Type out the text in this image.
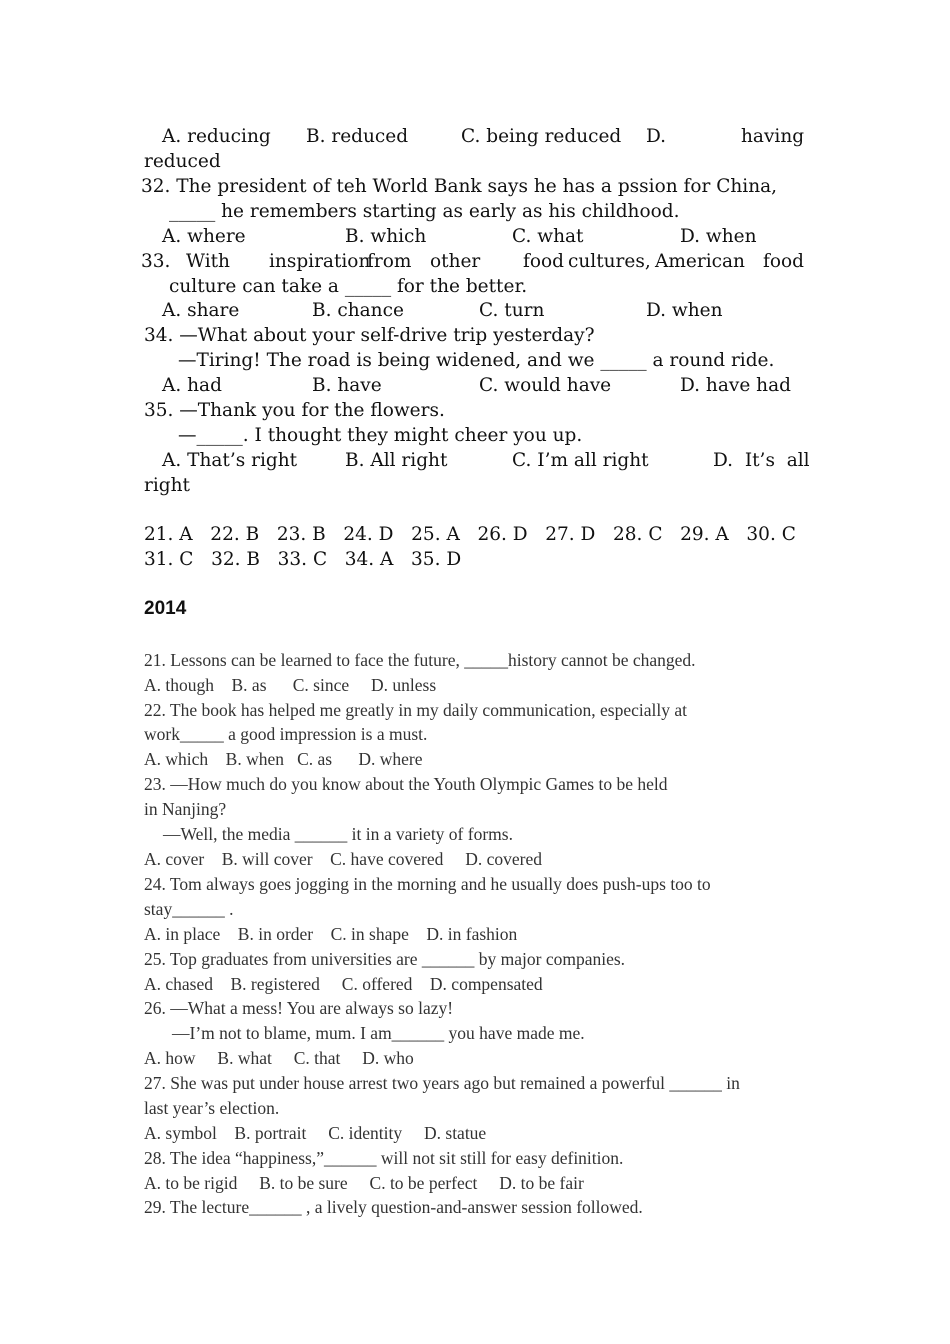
A. reducing      B. reduced         C. being reduced D.	having
reduced
32. The president of teh World Bank says he has a pssion for China,
_____ he remembers starting as early as his childhood.
A. where	B. which	C. what	D. when
33. With inspiration
from other food cultures, American food
culture can take a _____ for the better.
A. share	B. chance	C. turn	D. when
34. —What about your self-drive trip yesterday?
—Tiring! The road is being widened, and we _____ a round ride.
A. had	B. have	C. would have	D. have had
35. —Thank you for the flowers.
—_____. I thought they might cheer you up.
A. That’s right	B. All right	C. I’m all right	D.  It’s  all
right
21. A   22. B   23. B   24. D   25. A   26. D   27. D   28. C   29. A   30. C
31. C   32. B   33. C   34. A   35. D
2014
21. Lessons can be learned to face the future, _____history cannot be changed.
A. though    B. as      C. since     D. unless
22. The book has helped me greatly in my daily communication, especially at
work_____ a good impression is a must.
A. which    B. when   C. as      D. where
23. —How much do you know about the Youth Olympic Games to be held
in Nanjing?
—Well, the media ______ it in a variety of forms.
A. cover    B. will cover    C. have covered     D. covered
24. Tom always goes jogging in the morning and he usually does push-ups too to
stay______ .
A. in place    B. in order    C. in shape    D. in fashion
25. Top graduates from universities are ______ by major companies.
A. chased    B. registered     C. offered    D. compensated
26. —What a mess! You are always so lazy!
—I’m not to blame, mum. I am______ you have made me.
A. how     B. what     C. that     D. who
27. She was put under house arrest two years ago but remained a powerful ______ in
last year’s election.
A. symbol    B. portrait     C. identity     D. statue
28. The idea “happiness,”______ will not sit still for easy definition.
A. to be rigid     B. to be sure     C. to be perfect     D. to be fair
29. The lecture______ , a lively question-and-answer session followed.
